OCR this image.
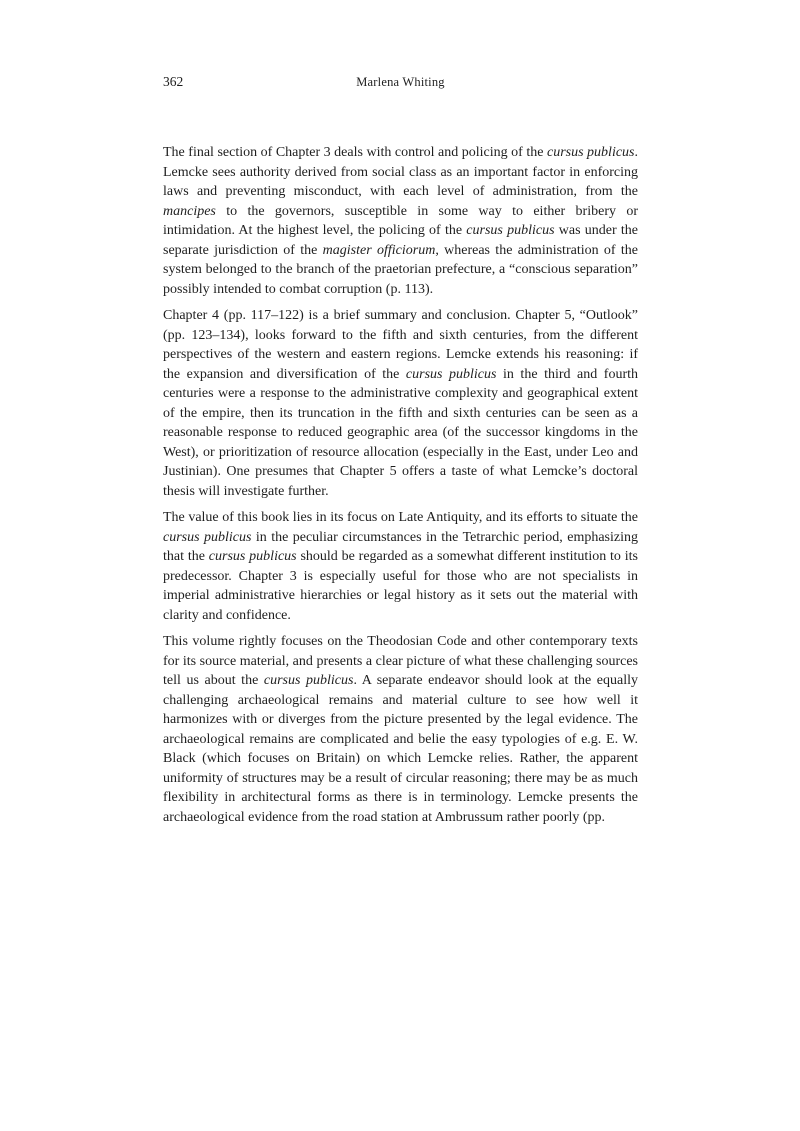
362	Marlena Whiting

The final section of Chapter 3 deals with control and policing of the cursus publicus. Lemcke sees authority derived from social class as an important factor in enforcing laws and preventing misconduct, with each level of administration, from the mancipes to the governors, susceptible in some way to either bribery or intimidation. At the highest level, the policing of the cursus publicus was under the separate jurisdiction of the magister officiorum, whereas the administration of the system belonged to the branch of the praetorian prefecture, a “conscious separation” possibly intended to combat corruption (p. 113).

Chapter 4 (pp. 117–122) is a brief summary and conclusion. Chapter 5, “Outlook” (pp. 123–134), looks forward to the fifth and sixth centuries, from the different perspectives of the western and eastern regions. Lemcke extends his reasoning: if the expansion and diversification of the cursus publicus in the third and fourth centuries were a response to the administrative complexity and geographical extent of the empire, then its truncation in the fifth and sixth centuries can be seen as a reasonable response to reduced geographic area (of the successor kingdoms in the West), or prioritization of resource allocation (especially in the East, under Leo and Justinian). One presumes that Chapter 5 offers a taste of what Lemcke’s doctoral thesis will investigate further.

The value of this book lies in its focus on Late Antiquity, and its efforts to situate the cursus publicus in the peculiar circumstances in the Tetrarchic period, emphasizing that the cursus publicus should be regarded as a somewhat different institution to its predecessor. Chapter 3 is especially useful for those who are not specialists in imperial administrative hierarchies or legal history as it sets out the material with clarity and confidence.

This volume rightly focuses on the Theodosian Code and other contemporary texts for its source material, and presents a clear picture of what these challenging sources tell us about the cursus publicus. A separate endeavor should look at the equally challenging archaeological remains and material culture to see how well it harmonizes with or diverges from the picture presented by the legal evidence. The archaeological remains are complicated and belie the easy typologies of e.g. E. W. Black (which focuses on Britain) on which Lemcke relies. Rather, the apparent uniformity of structures may be a result of circular reasoning; there may be as much flexibility in architectural forms as there is in terminology. Lemcke presents the archaeological evidence from the road station at Ambrussum rather poorly (pp.
